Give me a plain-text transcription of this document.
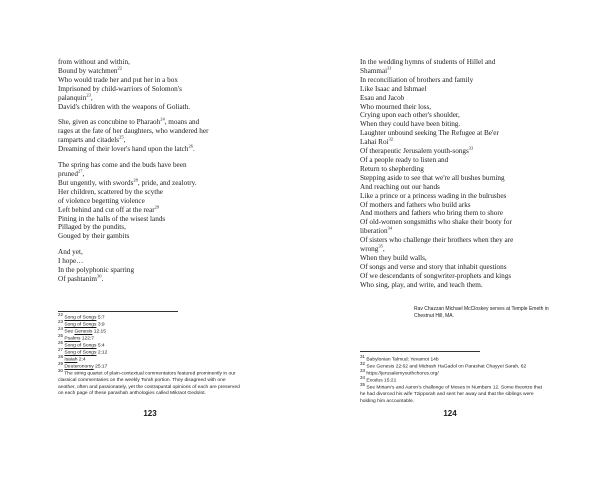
from without and within,
Bound by watchmen$^{22}$
Who would trade her and put her in a box
Imprisoned by child-warriors of Solomon's
palanquin$^{23}$,
David's children with the weapons of Goliath.
She, given as concubine to Pharaoh$^{24}$, moans and
rages at the fate of her daughters, who wandered her
ramparts and citadels$^{25}$,
Dreaming of their lover's hand upon the latch$^{26}$.
The spring has come and the buds have been
pruned$^{27}$,
But ungently, with swords$^{28}$, pride, and zealotry.
Her children, scattered by the scythe
of violence begetting violence
Left behind and cut off at the rear$^{29}$
Pining in the halls of the wisest lands
Pillaged by the pundits,
Gouged by their gambits
And yet,
I hope…
In the polyphonic sparring
Of pashtanim$^{30}$.
$^{22}$ Song of Songs 5:7
$^{23}$ Song of Songs 3:9
$^{24}$ See Genesis 12:15
$^{25}$ Psalms 122:7
$^{26}$ Song of Songs 5:4
$^{27}$ Song of Songs 2:12
$^{28}$ Isaiah 2:4
$^{29}$ Deuteronomy 25:17
$^{30}$ The string quartet of plain-contextual commentators featured prominently in our classical commentaries on the weekly Torah portion. They disagreed with one another, often and passionately, yet the contrapuntal opinions of each are preserved on each page of these parashah anthologies called Mikraot Gedolot.
123
In the wedding hymns of students of Hillel and
Shammai$^{31}$
In reconciliation of brothers and family
Like Isaac and Ishmael
Esau and Jacob
Who mourned their loss,
Crying upon each other's shoulder,
When they could have been biting.
Laughter unbound seeking The Refugee at Be'er
Lahai Roi$^{32}$
Of therapeutic Jerusalem youth-songs$^{33}$
Of a people ready to listen and
Return to shepherding
Stepping aside to see that we're all bushes burning
And reaching out our hands
Like a prince or a princess wading in the bulrushes
Of mothers and fathers who build arks
And mothers and fathers who bring them to shore
Of old-women songsmiths who shake their booty for
liberation$^{34}$
Of sisters who challenge their brothers when they are
wrong$^{35}$,
When they build walls,
Of songs and verse and story that inhabit questions
Of we descendants of songwriter-prophets and kings
Who sing, play, and write, and teach them.
Rav Chazzan Michael McCloskey serves at Temple Emeth in Chestnut Hill, MA.
$^{31}$ Babylonian Talmud: Yevamot 14b
$^{32}$ See Genesis 22:62 and Midrash HaGadol on Parashat Chayyei Sarah, 62
$^{33}$ https://jerusalemyouthchorus.org/
$^{34}$ Exodus 15:21
$^{35}$ See Miriam's and Aaron's challenge of Moses in Numbers 12. Some theorize that he had divorced his wife Tzipporah and sent her away and that the siblings were holding him accountable.
124
